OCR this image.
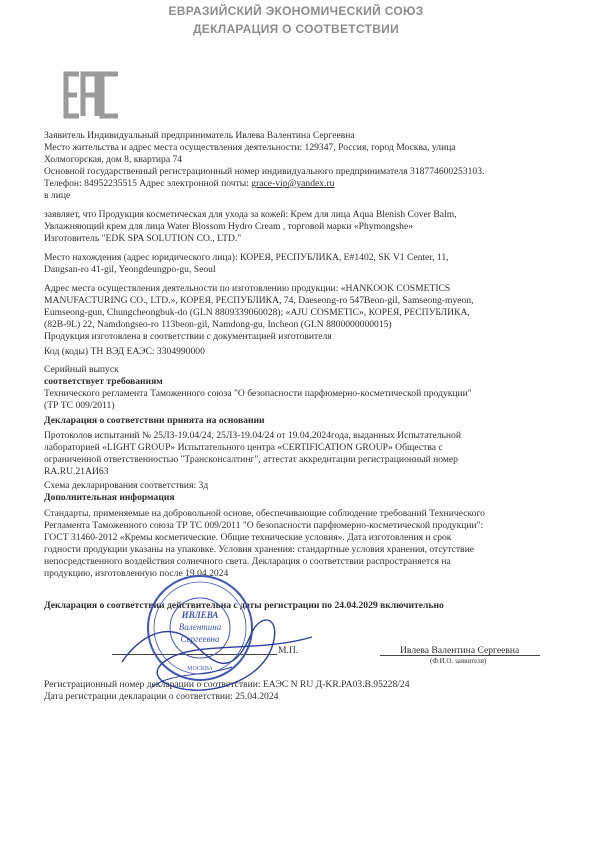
ЕВРАЗИЙСКИЙ ЭКОНОМИЧЕСКИЙ СОЮЗ
ДЕКЛАРАЦИЯ О СООТВЕТСТВИИ
Заявитель Индивидуальный предприниматель Ивлева Валентина Сергеевна
Место жительства и адрес места осуществления деятельности: 129347, Россия, город Москва, улица
Холмогорская, дом 8, квартира 74
Основной государственный регистрационный номер индивидуального предпринимателя 318774600253103.
Телефон: 84952235515 Адрес электронной почты: grace-vip@yandex.ru
в лице
заявляет, что Продукция косметическая для ухода за кожей: Крем для лица Aqua Blenish Cover Balm,
Увлажняющий крем для лица Water Blossom Hydro Cream , торговой марки «Phymongshe»
Изготовитель "EDK SPA SOLUTION CO., LTD."
Место нахождения (адрес юридического лица): КОРЕЯ, РЕСПУБЛИКА, E#1402, SK V1 Center, 11,
Dangsan-ro 41-gil, Yeongdeungpo-gu, Seoul
Адрес места осуществления деятельности по изготовлению продукции: «HANKOOK COSMETICS
MANUFACTURING CO., LTD.», КОРЕЯ, РЕСПУБЛИКА, 74, Daeseong-ro 547Beon-gil, Samseong-myeon,
Eumseong-gun, Chungcheongbuk-do (GLN 8809339060028); «AJU COSMETIC», КОРЕЯ, РЕСПУБЛИКА,
(82B-9L) 22, Namdongseo-ro 113beon-gil, Namdong-gu, Incheon (GLN 8800000000015)
Продукция изготовлена в соответствии с документацией изготовителя
Код (коды) ТН ВЭД ЕАЭС: 3304990000
Серийный выпуск
соответствует требованиям
Технического регламента Таможенного союза "О безопасности парфюмерно-косметической продукции"
(ТР ТС 009/2011)
Декларация о соответствии принята на основании
Протоколов испытаний № 25ЛЗ-19.04/24, 25ЛЗ-19.04/24 от 19.04.2024года, выданных Испытательной
лабораторией «LIGHT GROUP» Испытательного центра «CERTIFICATION GROUP» Общества с
ограниченной ответственностью "Трансконсалтинг", аттестат аккредитации регистрационный номер
RA.RU.21АИ63
Схема декларирования соответствия: 3д
Дополнительная информация
Стандарты, применяемые на добровольной основе, обеспечивающие соблюдение требований Технического
Регламента Таможенного союза ТР ТС 009/2011 "О безопасности парфюмерно-косметической продукции":
ГОСТ 31460-2012 «Кремы косметические. Общие технические условия». Дата изготовления и срок
годности продукции указаны на упаковке. Условия хранения: стандартные условия хранения, отсутствие
непосредственного воздействия солнечного света. Декларация о соответствии распространяется на
продукцию, изготовленную после 19.04.2024
Декларация о соответствии действительна с даты регистрации по 24.04.2029 включительно
М.П.	Ивлева Валентина Сергеевна
(Ф.И.О. заявителя)
Регистрационный номер декларации о соответствии: ЕАЭС N RU Д-KR.PA03.B.95228/24
Дата регистрации декларации о соответствии: 25.04.2024
ИВЛЕВА
Валентина
Сергеевна
МОСКВА
